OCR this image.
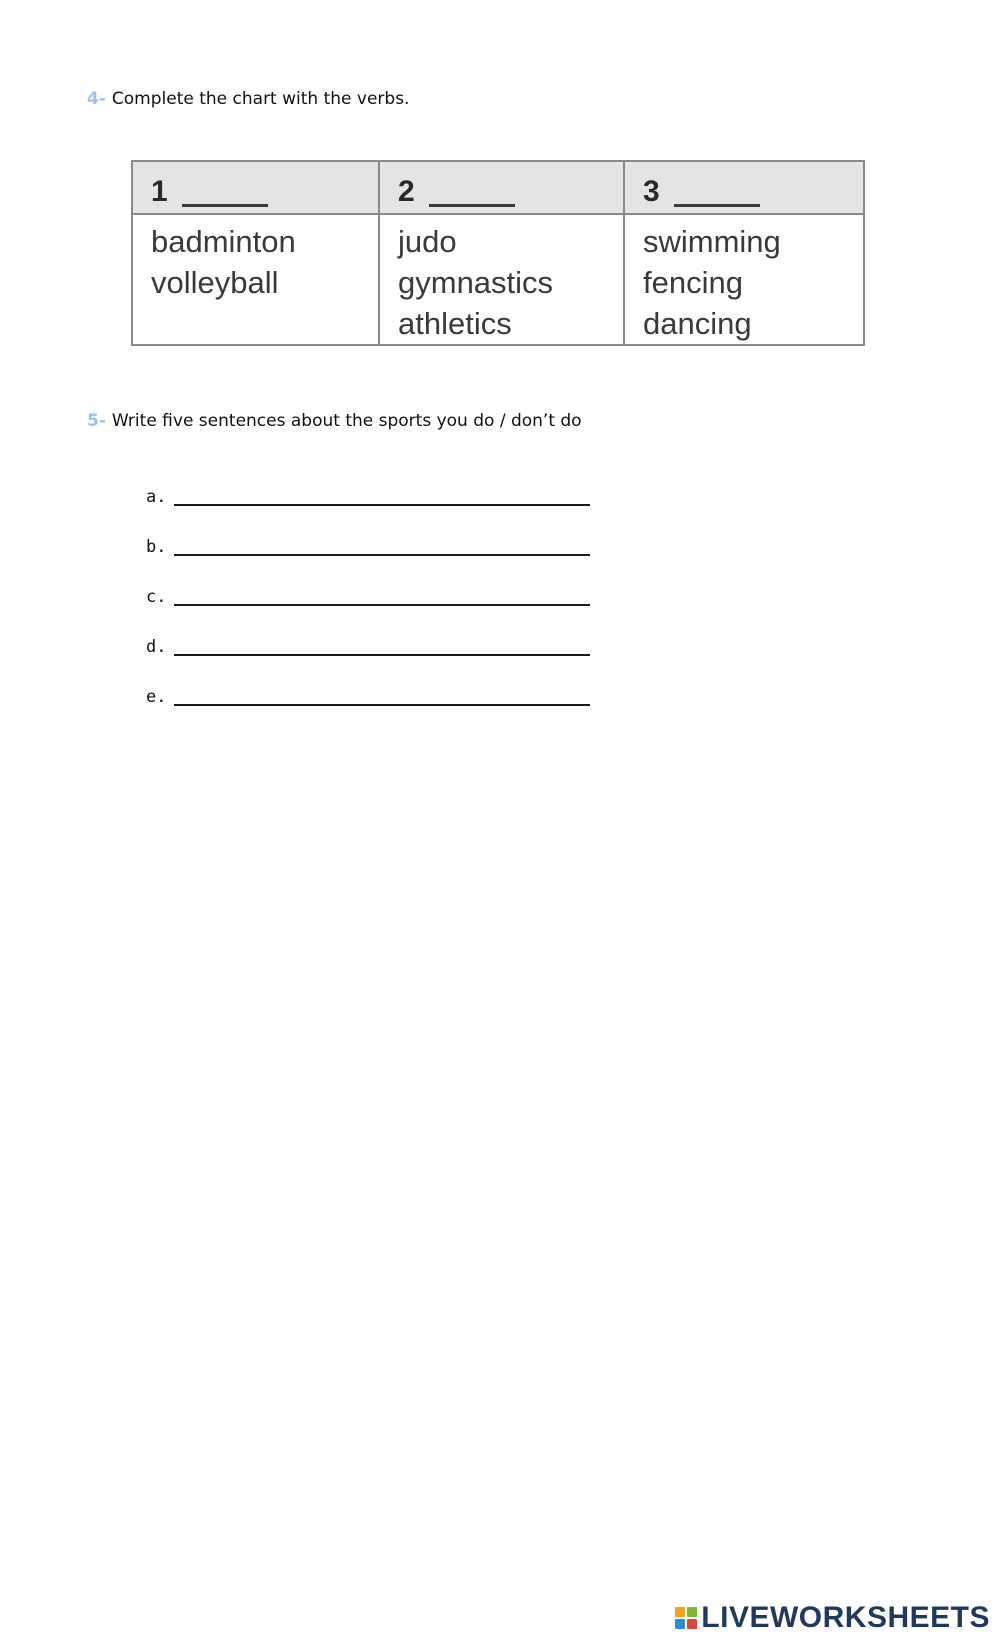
4- Complete the chart with the verbs.
1	2	3
badminton
volleyball
judo
gymnastics
athletics
swimming
fencing
dancing
5- Write five sentences about the sports you do / don’t do
a.
b.
c.
d.
e.
LIVEWORKSHEETS
